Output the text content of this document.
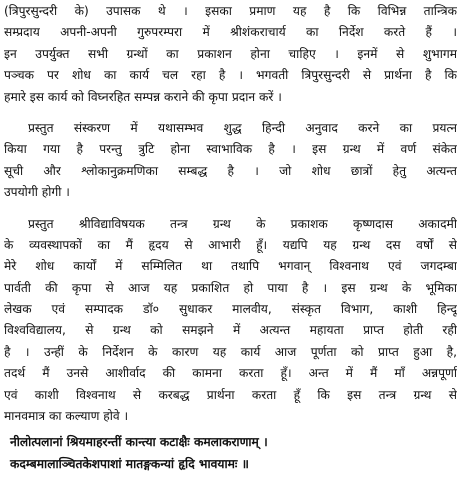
(त्रिपुरसुन्दरी के) उपासक थे । इसका प्रमाण यह है कि विभिन्न तान्त्रिक
सम्प्रदाय अपनी-अपनी गुरुपरम्परा में श्रीशंकराचार्य का निर्देश करते हैं ।
इन उपर्युक्त सभी ग्रन्थों का प्रकाशन होना चाहिए । इनमें से शुभागम
पञ्चक पर शोध का कार्य चल रहा है । भगवती त्रिपुरसुन्दरी से प्रार्थना है कि
हमारे इस कार्य को विघ्नरहित सम्पन्न कराने की कृपा प्रदान करें ।
प्रस्तुत संस्करण में यथासम्भव शुद्ध हिन्दी अनुवाद करने का प्रयत्न
किया गया है परन्तु त्रुटि होना स्वाभाविक है । इस ग्रन्थ में वर्ण संकेत
सूची और श्लोकानुक्रमणिका सम्बद्ध है । जो शोध छात्रों हेतु अत्यन्त
उपयोगी होगी ।
प्रस्तुत श्रीविद्याविषयक तन्त्र ग्रन्थ के प्रकाशक कृष्णदास अकादमी
के व्यवस्थापकों का मैं हृदय से आभारी हूँ। यद्यपि यह ग्रन्थ दस वर्षों से
मेरे शोध कार्यों में सम्मिलित था तथापि भगवान् विश्वनाथ एवं जगदम्बा
पार्वती की कृपा से आज यह प्रकाशित हो पाया है । इस ग्रन्थ के भूमिका
लेखक एवं सम्पादक डॉ० सुधाकर मालवीय, संस्कृत विभाग, काशी हिन्दू
विश्वविद्यालय, से ग्रन्थ को समझने में अत्यन्त महायता प्राप्त होती रही
है । उन्हीं के निर्देशन के कारण यह कार्य आज पूर्णता को प्राप्त हुआ है,
तदर्थ मैं उनसे आशीर्वाद की कामना करता हूँ। अन्त में मैं माँ अन्नपूर्णा
एवं काशी विश्वनाथ से करबद्ध प्रार्थना करता हूँ कि इस तन्त्र ग्रन्थ से
मानवमात्र का कल्याण होवे ।
नीलोत्पलानां श्रियमाहरन्तीं कान्त्या कटाक्षैः कमलाकराणाम् ।
कदम्बमालाञ्चितकेशपाशां मातङ्गकन्यां हृदि भावयामः ॥
